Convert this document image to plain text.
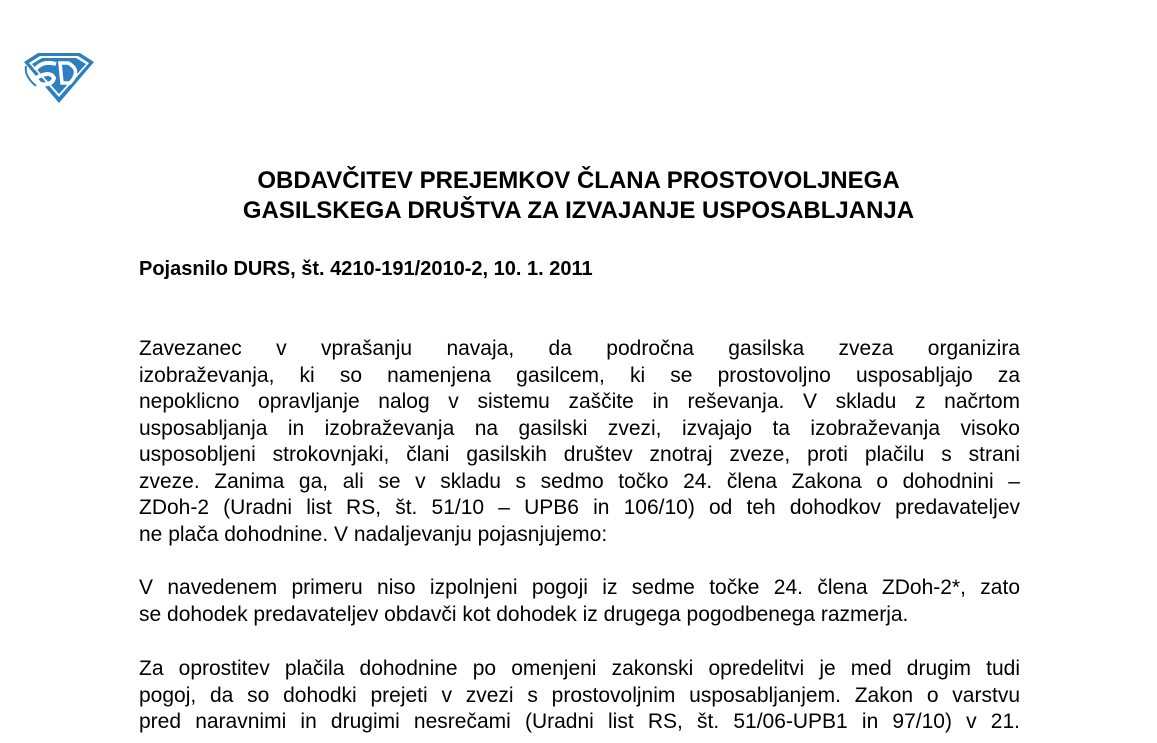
OBDAVČITEV PREJEMKOV ČLANA PROSTOVOLJNEGA
GASILSKEGA DRUŠTVA ZA IZVAJANJE USPOSABLJANJA
Pojasnilo DURS, št. 4210-191/2010-2, 10. 1. 2011
Zavezanec v vprašanju navaja, da področna gasilska zveza organizira
izobraževanja, ki so namenjena gasilcem, ki se prostovoljno usposabljajo za
nepoklicno opravljanje nalog v sistemu zaščite in reševanja. V skladu z načrtom
usposabljanja in izobraževanja na gasilski zvezi, izvajajo ta izobraževanja visoko
usposobljeni strokovnjaki, člani gasilskih društev znotraj zveze, proti plačilu s strani
zveze. Zanima ga, ali se v skladu s sedmo točko 24. člena Zakona o dohodnini –
ZDoh-2 (Uradni list RS, št. 51/10 – UPB6 in 106/10) od teh dohodkov predavateljev
ne plača dohodnine. V nadaljevanju pojasnjujemo:
V navedenem primeru niso izpolnjeni pogoji iz sedme točke 24. člena ZDoh-2*, zato
se dohodek predavateljev obdavči kot dohodek iz drugega pogodbenega razmerja.
Za oprostitev plačila dohodnine po omenjeni zakonski opredelitvi je med drugim tudi
pogoj, da so dohodki prejeti v zvezi s prostovoljnim usposabljanjem. Zakon o varstvu
pred naravnimi in drugimi nesrečami (Uradni list RS, št. 51/06-UPB1 in 97/10) v 21.
